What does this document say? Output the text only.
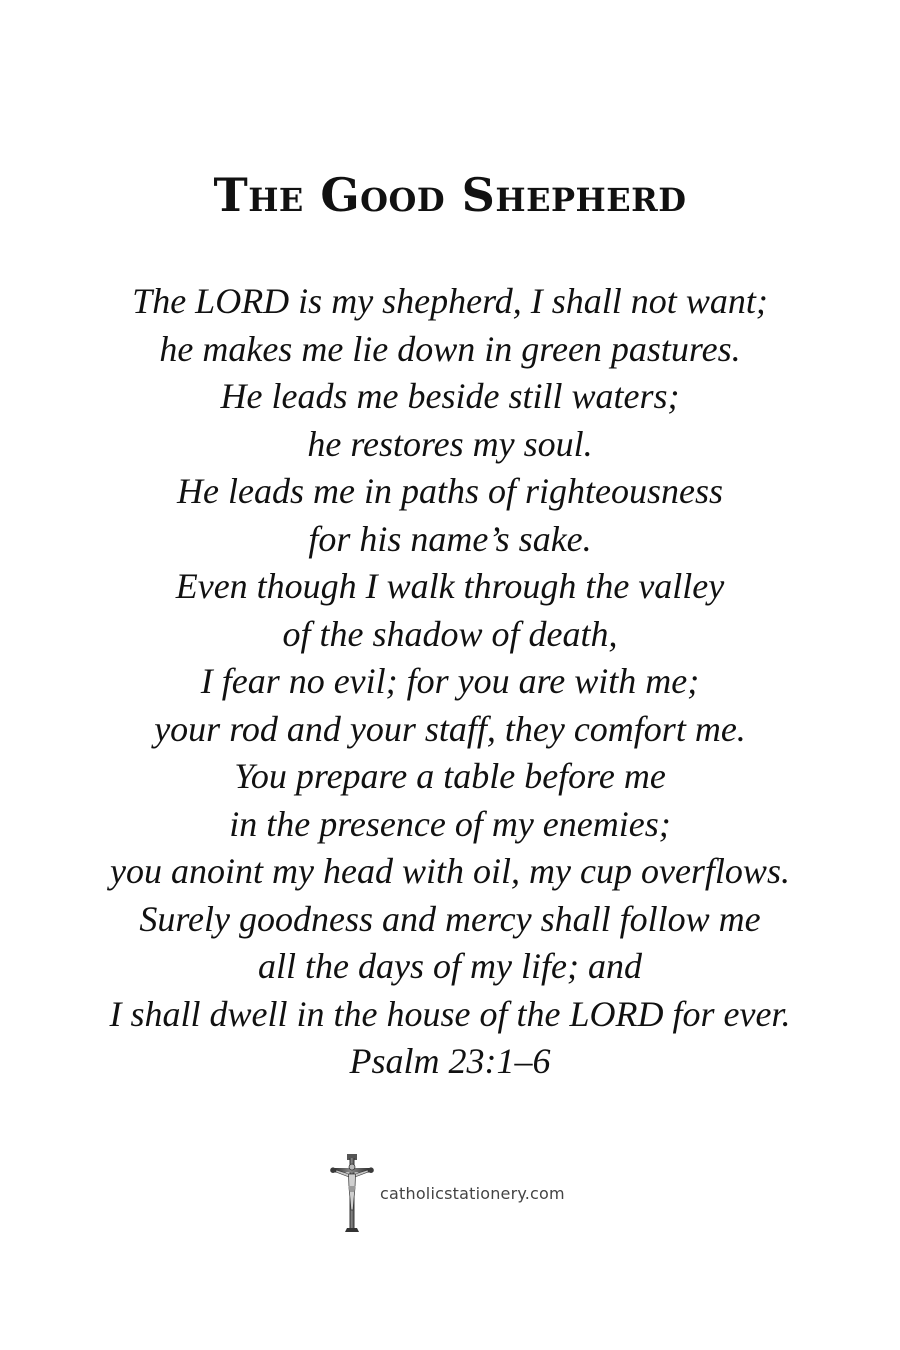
The Good Shepherd
The LORD is my shepherd, I shall not want;
he makes me lie down in green pastures.
He leads me beside still waters;
he restores my soul.
He leads me in paths of righteousness
for his name’s sake.
Even though I walk through the valley
of the shadow of death,
I fear no evil; for you are with me;
your rod and your staff, they comfort me.
You prepare a table before me
in the presence of my enemies;
you anoint my head with oil, my cup overflows.
Surely goodness and mercy shall follow me
all the days of my life; and
I shall dwell in the house of the LORD for ever.
Psalm 23:1–6
catholicstationery.com
